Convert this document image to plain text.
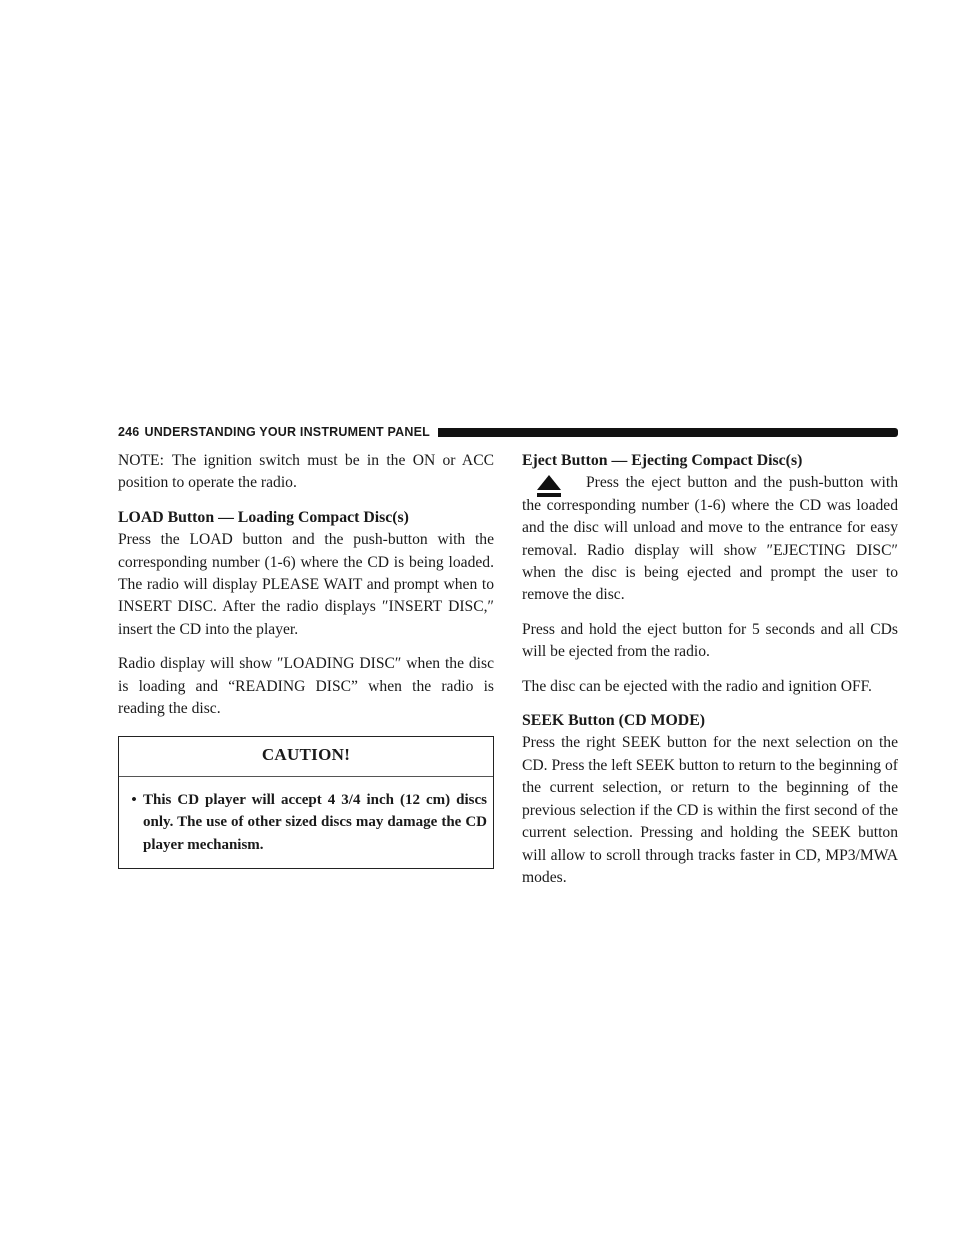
246 UNDERSTANDING YOUR INSTRUMENT PANEL

NOTE: The ignition switch must be in the ON or ACC position to operate the radio.

LOAD Button — Loading Compact Disc(s)

Press the LOAD button and the push-button with the corresponding number (1-6) where the CD is being loaded. The radio will display PLEASE WAIT and prompt when to INSERT DISC. After the radio displays ″INSERT DISC,″ insert the CD into the player.

Radio display will show ″LOADING DISC″ when the disc is loading and “READING DISC” when the radio is reading the disc.

CAUTION!
• This CD player will accept 4 3/4 inch (12 cm) discs only. The use of other sized discs may damage the CD player mechanism.
Eject Button — Ejecting Compact Disc(s)

Press the eject button and the push-button with the corresponding number (1-6) where the CD was loaded and the disc will unload and move to the entrance for easy removal. Radio display will show ″EJECTING DISC″ when the disc is being ejected and prompt the user to remove the disc.

Press and hold the eject button for 5 seconds and all CDs will be ejected from the radio.

The disc can be ejected with the radio and ignition OFF.

SEEK Button (CD MODE)

Press the right SEEK button for the next selection on the CD. Press the left SEEK button to return to the beginning of the current selection, or return to the beginning of the previous selection if the CD is within the first second of the current selection. Pressing and holding the SEEK button will allow to scroll through tracks faster in CD, MP3/MWA modes.
